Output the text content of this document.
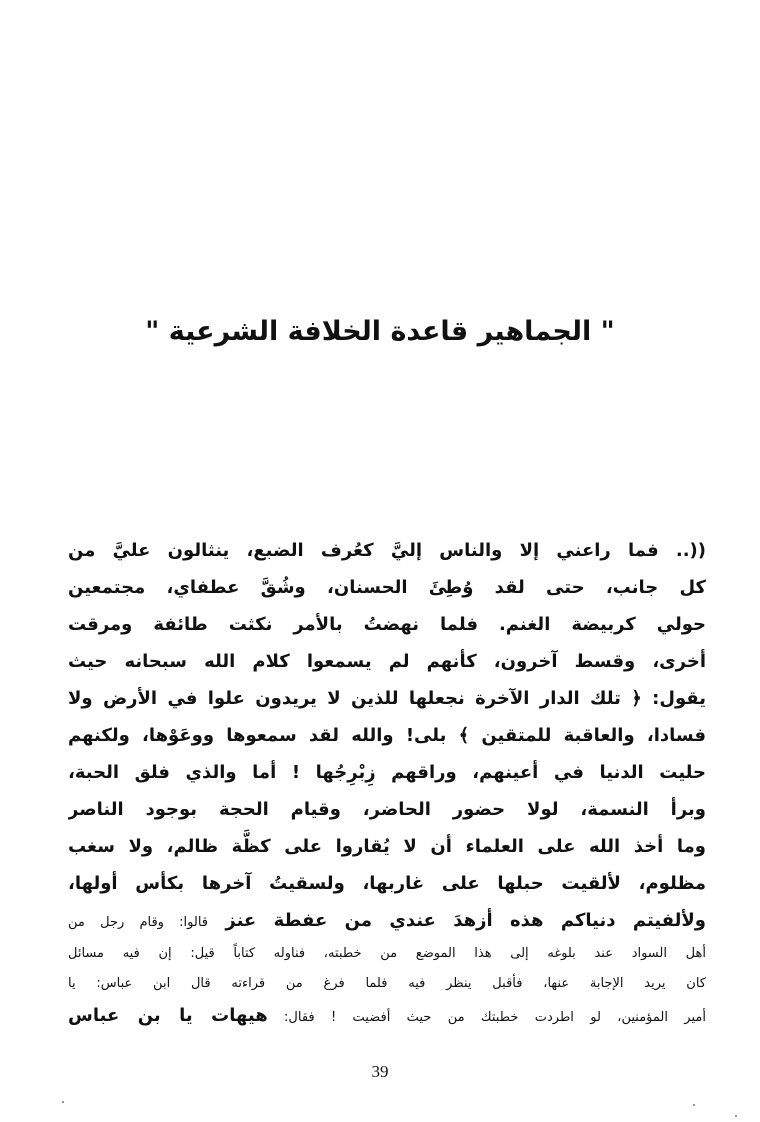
" الجماهير قاعدة الخلافة الشرعية "
((.. فما راعني إلا والناس إليَّ كعُرف الضبع، ينثالون عليَّ من
كل جانب، حتى لقد وُطِئَ الحسنان، وشُقَّ عطفاي، مجتمعين
حولي كربيضة الغنم. فلما نهضتُ بالأمر نكثت طائفة ومرقت
أخرى، وقسط آخرون، كأنهم لم يسمعوا كلام الله سبحانه حيث
يقول: ﴿ تلك الدار الآخرة نجعلها للذين لا يريدون علوا في الأرض ولا
فسادا، والعاقبة للمتقين ﴾ بلى! والله لقد سمعوها ووعَوْها، ولكنهم
حليت الدنيا في أعينهم، وراقهم زِبْرِجُها ! أما والذي فلق الحبة،
وبرأ النسمة، لولا حضور الحاضر، وقيام الحجة بوجود الناصر
وما أخذ الله على العلماء أن لا يُقاروا على كظَّة ظالم، ولا سغب
مظلوم، لألقيت حبلها على غاربها، ولسقيتُ آخرها بكأس أولها،
ولألفيتم دنياكم هذه أزهدَ عندي من عفطة عنز قالوا: وقام رجل من
أهل السواد عند بلوغه إلى هذا الموضع من خطبته، فناوله كتاباً قيل: إن فيه مسائل
كان يريد الإجابة عنها، فأقبل ينظر فيه فلما فرغ من قراءته قال ابن عباس: يا
أمير المؤمنين، لو اطردت خطبتك من حيث أفضيت ! فقال: هيهات يا بن عباس
39
